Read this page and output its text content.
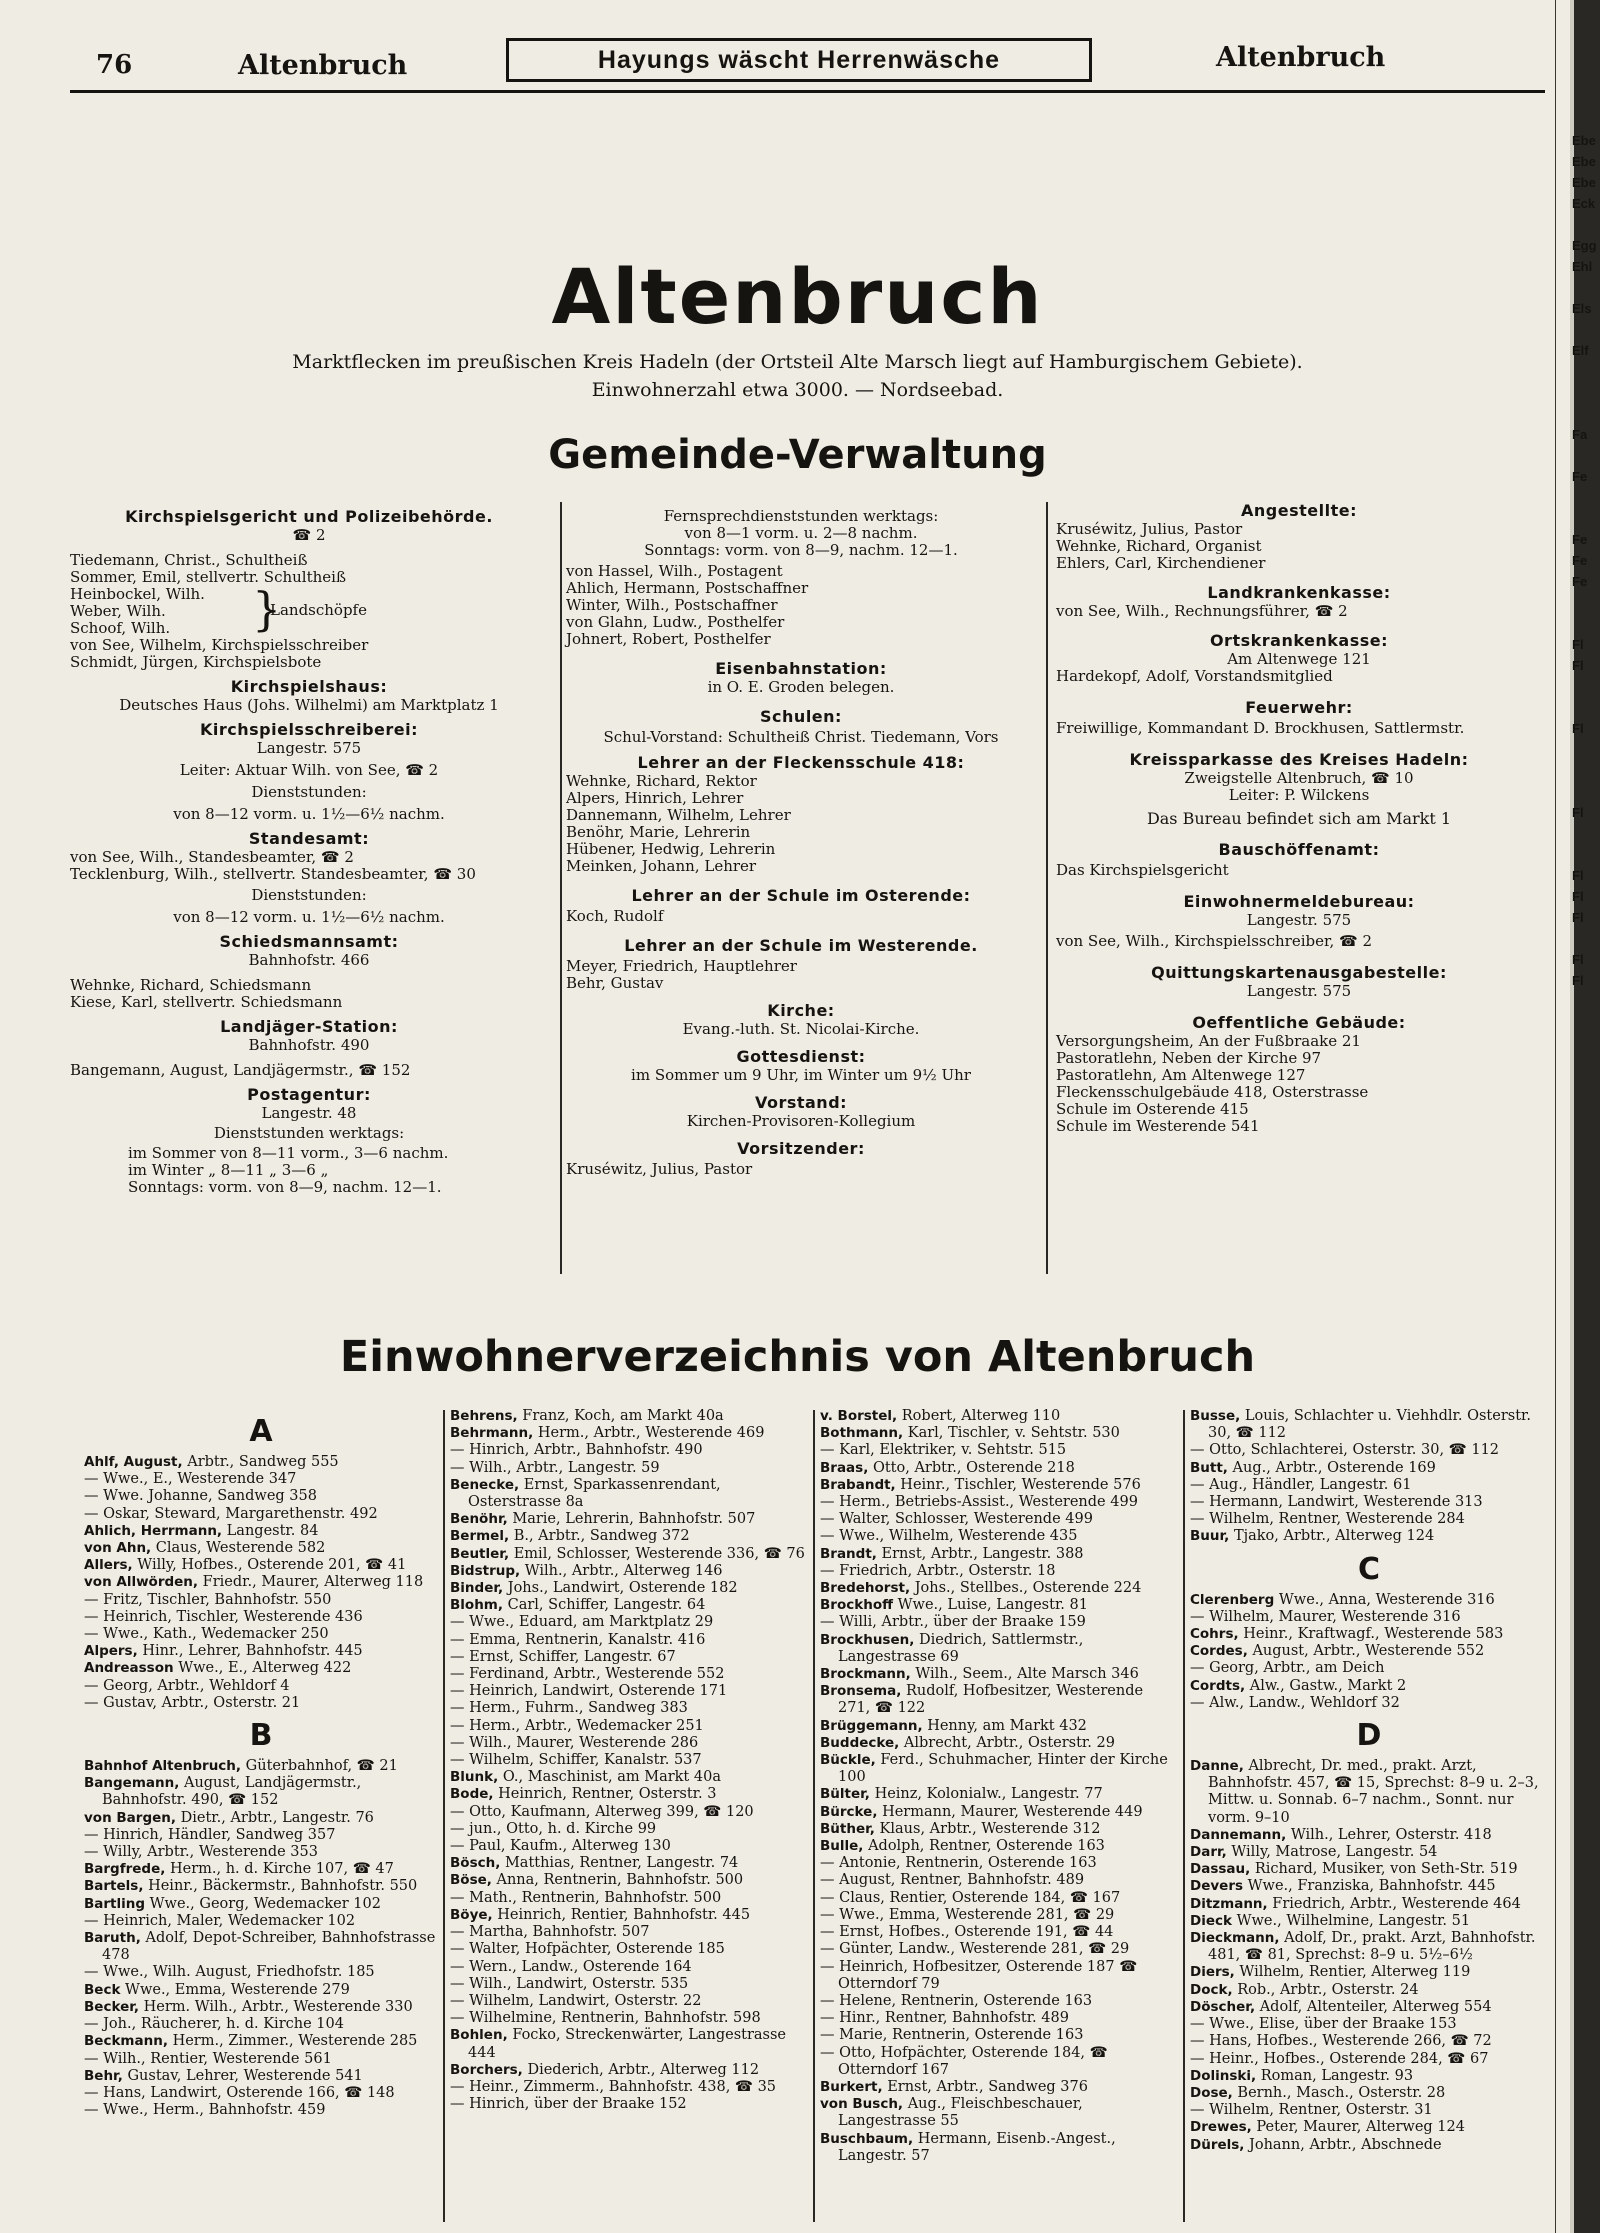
Ebe
Ebe
Ebe
Eck
Egg
Ehl
Els
Elf
Fa
Fe
Fe
Fe
Fe
Fl
Fl
Fl
Fl
Fl
Fl
Fl
Fl
Fl
76	Altenbruch	Hayungs wäscht Herrenwäsche	Altenbruch
Altenbruch
Marktflecken im preußischen Kreis Hadeln (der Ortsteil Alte Marsch liegt auf Hamburgischem Gebiete).
Einwohnerzahl etwa 3000. — Nordseebad.
Gemeinde-Verwaltung
Kirchspielsgericht und Polizeibehörde.
☎ 2
Tiedemann, Christ., Schultheiß
Sommer, Emil, stellvertr. Schultheiß
Heinbockel, Wilh.
Weber, Wilh.
Schoof, Wilh.	}
Landschöpfe
von See, Wilhelm, Kirchspielsschreiber
Schmidt, Jürgen, Kirchspielsbote
Kirchspielshaus:
Deutsches Haus (Johs. Wilhelmi) am Marktplatz 1
Kirchspielsschreiberei:
Langestr. 575
Leiter: Aktuar Wilh. von See, ☎ 2
Dienststunden:
von 8—12 vorm. u. 1½—6½ nachm.
Standesamt:
von See, Wilh., Standesbeamter, ☎ 2
Tecklenburg, Wilh., stellvertr. Standesbeamter, ☎ 30
Dienststunden:
von 8—12 vorm. u. 1½—6½ nachm.
Schiedsmannsamt:
Bahnhofstr. 466
Wehnke, Richard, Schiedsmann
Kiese, Karl, stellvertr. Schiedsmann
Landjäger-Station:
Bahnhofstr. 490
Bangemann, August, Landjägermstr., ☎ 152
Postagentur:
Langestr. 48
Dienststunden werktags:
im Sommer von 8—11 vorm., 3—6 nachm.
im Winter „ 8—11 „ 3—6 „
Sonntags: vorm. von 8—9, nachm. 12—1.
Fernsprechdienststunden werktags:
von 8—1 vorm. u. 2—8 nachm.
Sonntags: vorm. von 8—9, nachm. 12—1.
von Hassel, Wilh., Postagent
Ahlich, Hermann, Postschaffner
Winter, Wilh., Postschaffner
von Glahn, Ludw., Posthelfer
Johnert, Robert, Posthelfer
Eisenbahnstation:
in O. E. Groden belegen.
Schulen:
Schul-Vorstand: Schultheiß Christ. Tiedemann, Vors
Lehrer an der Fleckensschule 418:
Wehnke, Richard, Rektor
Alpers, Hinrich, Lehrer
Dannemann, Wilhelm, Lehrer
Benöhr, Marie, Lehrerin
Hübener, Hedwig, Lehrerin
Meinken, Johann, Lehrer
Lehrer an der Schule im Osterende:
Koch, Rudolf
Lehrer an der Schule im Westerende.
Meyer, Friedrich, Hauptlehrer
Behr, Gustav
Kirche:
Evang.-luth. St. Nicolai-Kirche.
Gottesdienst:
im Sommer um 9 Uhr, im Winter um 9½ Uhr
Vorstand:
Kirchen-Provisoren-Kollegium
Vorsitzender:
Kruséwitz, Julius, Pastor
Angestellte:
Kruséwitz, Julius, Pastor
Wehnke, Richard, Organist
Ehlers, Carl, Kirchendiener
Landkrankenkasse:
von See, Wilh., Rechnungsführer, ☎ 2
Ortskrankenkasse:
Am Altenwege 121
Hardekopf, Adolf, Vorstandsmitglied
Feuerwehr:
Freiwillige, Kommandant D. Brockhusen, Sattlermstr.
Kreissparkasse des Kreises Hadeln:
Zweigstelle Altenbruch, ☎ 10
Leiter: P. Wilckens
Das Bureau befindet sich am Markt 1
Bauschöffenamt:
Das Kirchspielsgericht
Einwohnermeldebureau:
Langestr. 575
von See, Wilh., Kirchspielsschreiber, ☎ 2
Quittungskartenausgabestelle:
Langestr. 575
Oeffentliche Gebäude:
Versorgungsheim, An der Fußbraake 21
Pastoratlehn, Neben der Kirche 97
Pastoratlehn, Am Altenwege 127
Fleckensschulgebäude 418, Osterstrasse
Schule im Osterende 415
Schule im Westerende 541
Einwohnerverzeichnis von Altenbruch
A
Ahlf, August, Arbtr., Sandweg 555
— Wwe., E., Westerende 347
— Wwe. Johanne, Sandweg 358
— Oskar, Steward, Margarethenstr. 492
Ahlich, Herrmann, Langestr. 84
von Ahn, Claus, Westerende 582
Allers, Willy, Hofbes., Osterende 201, ☎ 41
von Allwörden, Friedr., Maurer, Alterweg 118
— Fritz, Tischler, Bahnhofstr. 550
— Heinrich, Tischler, Westerende 436
— Wwe., Kath., Wedemacker 250
Alpers, Hinr., Lehrer, Bahnhofstr. 445
Andreasson Wwe., E., Alterweg 422
— Georg, Arbtr., Wehldorf 4
— Gustav, Arbtr., Osterstr. 21
B
Bahnhof Altenbruch, Güterbahnhof, ☎ 21
Bangemann, August, Landjägermstr., Bahnhofstr. 490, ☎ 152
von Bargen, Dietr., Arbtr., Langestr. 76
— Hinrich, Händler, Sandweg 357
— Willy, Arbtr., Westerende 353
Bargfrede, Herm., h. d. Kirche 107, ☎ 47
Bartels, Heinr., Bäckermstr., Bahnhofstr. 550
Bartling Wwe., Georg, Wedemacker 102
— Heinrich, Maler, Wedemacker 102
Baruth, Adolf, Depot-Schreiber, Bahnhofstrasse 478
— Wwe., Wilh. August, Friedhofstr. 185
Beck Wwe., Emma, Westerende 279
Becker, Herm. Wilh., Arbtr., Westerende 330
— Joh., Räucherer, h. d. Kirche 104
Beckmann, Herm., Zimmer., Westerende 285
— Wilh., Rentier, Westerende 561
Behr, Gustav, Lehrer, Westerende 541
— Hans, Landwirt, Osterende 166, ☎ 148
— Wwe., Herm., Bahnhofstr. 459
Behrens, Franz, Koch, am Markt 40a
Behrmann, Herm., Arbtr., Westerende 469
— Hinrich, Arbtr., Bahnhofstr. 490
— Wilh., Arbtr., Langestr. 59
Benecke, Ernst, Sparkassenrendant, Osterstrasse 8a
Benöhr, Marie, Lehrerin, Bahnhofstr. 507
Bermel, B., Arbtr., Sandweg 372
Beutler, Emil, Schlosser, Westerende 336, ☎ 76
Bidstrup, Wilh., Arbtr., Alterweg 146
Binder, Johs., Landwirt, Osterende 182
Blohm, Carl, Schiffer, Langestr. 64
— Wwe., Eduard, am Marktplatz 29
— Emma, Rentnerin, Kanalstr. 416
— Ernst, Schiffer, Langestr. 67
— Ferdinand, Arbtr., Westerende 552
— Heinrich, Landwirt, Osterende 171
— Herm., Fuhrm., Sandweg 383
— Herm., Arbtr., Wedemacker 251
— Wilh., Maurer, Westerende 286
— Wilhelm, Schiffer, Kanalstr. 537
Blunk, O., Maschinist, am Markt 40a
Bode, Heinrich, Rentner, Osterstr. 3
— Otto, Kaufmann, Alterweg 399, ☎ 120
— jun., Otto, h. d. Kirche 99
— Paul, Kaufm., Alterweg 130
Bösch, Matthias, Rentner, Langestr. 74
Böse, Anna, Rentnerin, Bahnhofstr. 500
— Math., Rentnerin, Bahnhofstr. 500
Böye, Heinrich, Rentier, Bahnhofstr. 445
— Martha, Bahnhofstr. 507
— Walter, Hofpächter, Osterende 185
— Wern., Landw., Osterende 164
— Wilh., Landwirt, Osterstr. 535
— Wilhelm, Landwirt, Osterstr. 22
— Wilhelmine, Rentnerin, Bahnhofstr. 598
Bohlen, Focko, Streckenwärter, Langestrasse 444
Borchers, Diederich, Arbtr., Alterweg 112
— Heinr., Zimmerm., Bahnhofstr. 438, ☎ 35
— Hinrich, über der Braake 152
v. Borstel, Robert, Alterweg 110
Bothmann, Karl, Tischler, v. Sehtstr. 530
— Karl, Elektriker, v. Sehtstr. 515
Braas, Otto, Arbtr., Osterende 218
Brabandt, Heinr., Tischler, Westerende 576
— Herm., Betriebs-Assist., Westerende 499
— Walter, Schlosser, Westerende 499
— Wwe., Wilhelm, Westerende 435
Brandt, Ernst, Arbtr., Langestr. 388
— Friedrich, Arbtr., Osterstr. 18
Bredehorst, Johs., Stellbes., Osterende 224
Brockhoff Wwe., Luise, Langestr. 81
— Willi, Arbtr., über der Braake 159
Brockhusen, Diedrich, Sattlermstr., Langestrasse 69
Brockmann, Wilh., Seem., Alte Marsch 346
Bronsema, Rudolf, Hofbesitzer, Westerende 271, ☎ 122
Brüggemann, Henny, am Markt 432
Buddecke, Albrecht, Arbtr., Osterstr. 29
Bückle, Ferd., Schuhmacher, Hinter der Kirche 100
Bülter, Heinz, Kolonialw., Langestr. 77
Bürcke, Hermann, Maurer, Westerende 449
Büther, Klaus, Arbtr., Westerende 312
Bulle, Adolph, Rentner, Osterende 163
— Antonie, Rentnerin, Osterende 163
— August, Rentner, Bahnhofstr. 489
— Claus, Rentier, Osterende 184, ☎ 167
— Wwe., Emma, Westerende 281, ☎ 29
— Ernst, Hofbes., Osterende 191, ☎ 44
— Günter, Landw., Westerende 281, ☎ 29
— Heinrich, Hofbesitzer, Osterende 187 ☎ Otterndorf 79
— Helene, Rentnerin, Osterende 163
— Hinr., Rentner, Bahnhofstr. 489
— Marie, Rentnerin, Osterende 163
— Otto, Hofpächter, Osterende 184, ☎ Otterndorf 167
Burkert, Ernst, Arbtr., Sandweg 376
von Busch, Aug., Fleischbeschauer, Langestrasse 55
Buschbaum, Hermann, Eisenb.-Angest., Langestr. 57
Busse, Louis, Schlachter u. Viehhdlr. Osterstr. 30, ☎ 112
— Otto, Schlachterei, Osterstr. 30, ☎ 112
Butt, Aug., Arbtr., Osterende 169
— Aug., Händler, Langestr. 61
— Hermann, Landwirt, Westerende 313
— Wilhelm, Rentner, Westerende 284
Buur, Tjako, Arbtr., Alterweg 124
C
Clerenberg Wwe., Anna, Westerende 316
— Wilhelm, Maurer, Westerende 316
Cohrs, Heinr., Kraftwagf., Westerende 583
Cordes, August, Arbtr., Westerende 552
— Georg, Arbtr., am Deich
Cordts, Alw., Gastw., Markt 2
— Alw., Landw., Wehldorf 32
D
Danne, Albrecht, Dr. med., prakt. Arzt, Bahnhofstr. 457, ☎ 15, Sprechst: 8–9 u. 2–3, Mittw. u. Sonnab. 6–7 nachm., Sonnt. nur vorm. 9–10
Dannemann, Wilh., Lehrer, Osterstr. 418
Darr, Willy, Matrose, Langestr. 54
Dassau, Richard, Musiker, von Seth-Str. 519
Devers Wwe., Franziska, Bahnhofstr. 445
Ditzmann, Friedrich, Arbtr., Westerende 464
Dieck Wwe., Wilhelmine, Langestr. 51
Dieckmann, Adolf, Dr., prakt. Arzt, Bahnhofstr. 481, ☎ 81, Sprechst: 8–9 u. 5½–6½
Diers, Wilhelm, Rentier, Alterweg 119
Dock, Rob., Arbtr., Osterstr. 24
Döscher, Adolf, Altenteiler, Alterweg 554
— Wwe., Elise, über der Braake 153
— Hans, Hofbes., Westerende 266, ☎ 72
— Heinr., Hofbes., Osterende 284, ☎ 67
Dolinski, Roman, Langestr. 93
Dose, Bernh., Masch., Osterstr. 28
— Wilhelm, Rentner, Osterstr. 31
Drewes, Peter, Maurer, Alterweg 124
Dürels, Johann, Arbtr., Abschnede
